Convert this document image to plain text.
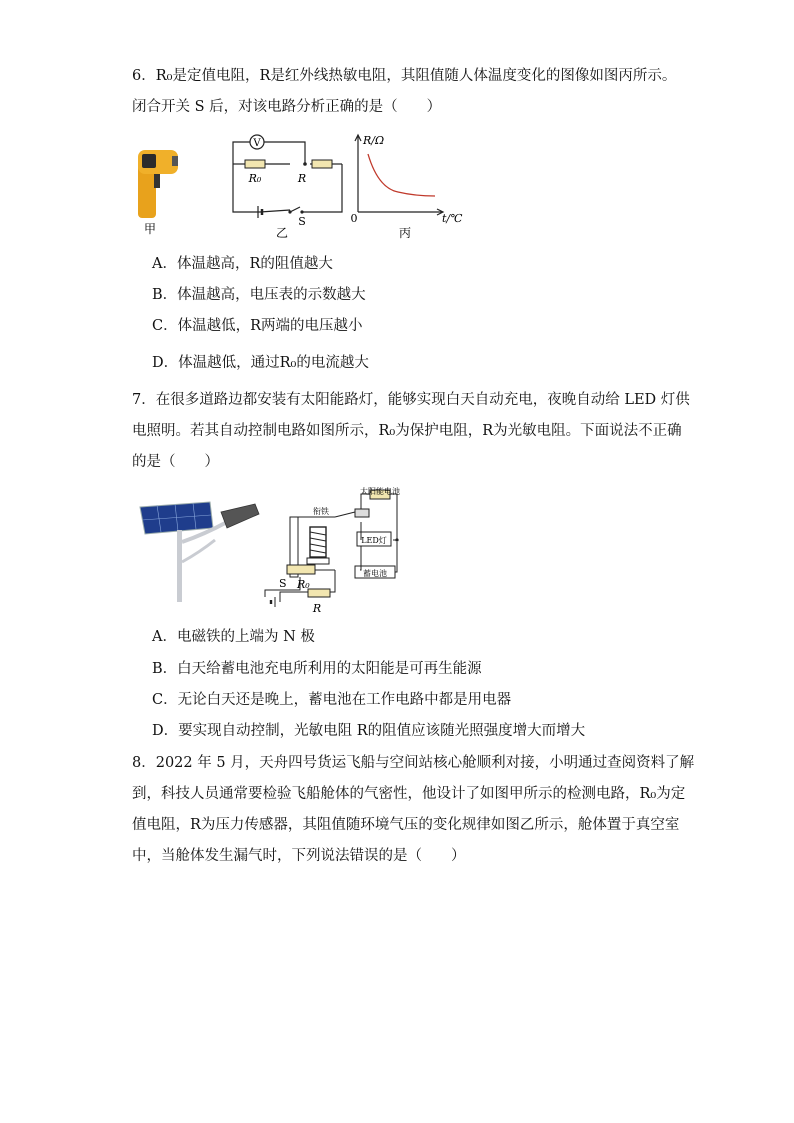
6．R₀是定值电阻，R是红外线热敏电阻，其阻值随人体温度变化的图像如图丙所示。
闭合开关 S 后，对该电路分析正确的是（　　）
甲
V
R₀	R
S
乙
R/Ω
0	t/℃
丙
A．体温越高，R的阻值越大
B．体温越高，电压表的示数越大
C．体温越低，R两端的电压越小
D．体温越低，通过R₀的电流越大
7．在很多道路边都安装有太阳能路灯，能够实现白天自动充电，夜晚自动给 LED 灯供
电照明。若其自动控制电路如图所示，R₀为保护电阻，R为光敏电阻。下面说法不正确
的是（　　）
太阳能电池
衔铁
LED灯
蓄电池
S R₀
R
A．电磁铁的上端为 N 极
B．白天给蓄电池充电所利用的太阳能是可再生能源
C．无论白天还是晚上，蓄电池在工作电路中都是用电器
D．要实现自动控制，光敏电阻 R的阻值应该随光照强度增大而增大
8．2022 年 5 月，天舟四号货运飞船与空间站核心舱顺利对接，小明通过查阅资料了解
到，科技人员通常要检验飞船舱体的气密性，他设计了如图甲所示的检测电路，R₀为定
值电阻，R为压力传感器，其阻值随环境气压的变化规律如图乙所示，舱体置于真空室
中，当舱体发生漏气时，下列说法错误的是（　　）
